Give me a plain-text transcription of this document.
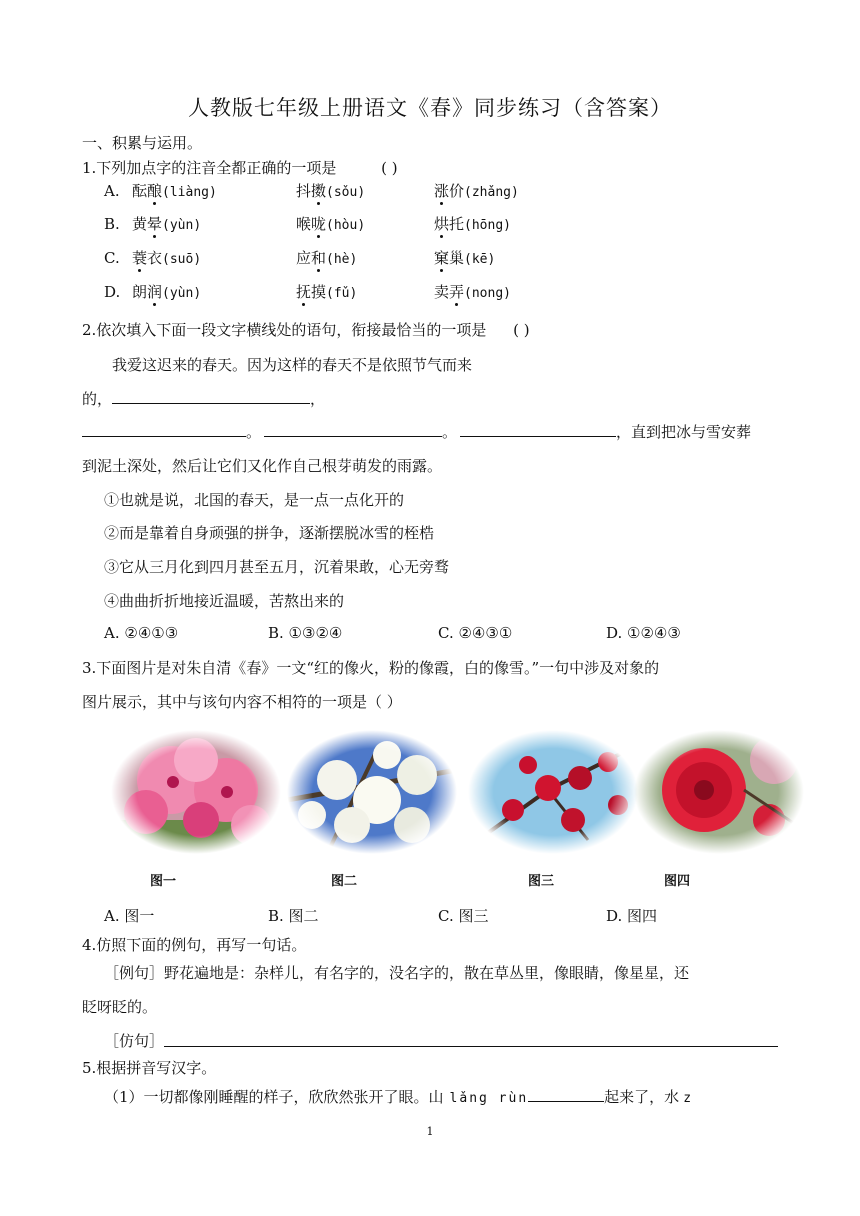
人教版七年级上册语文《春》同步练习（含答案）
一、积累与运用。
1.下列加点字的注音全都正确的一项是	( )
A. 酝酿(liàng)	抖擞(sǒu)	涨价(zhǎng)
B. 黄晕(yùn)	喉咙(hòu)	烘托(hōng)
C. 蓑衣(suō)	应和(hè)	窠巢(kē)
D. 朗润(yùn)	抚摸(fǔ)	卖弄(nong)
2.依次填入下面一段文字横线处的语句，衔接最恰当的一项是 ( )
我爱这迟来的春天。因为这样的春天不是依照节气而来
的，	，
。	。	，直到把冰与雪安葬
到泥土深处，然后让它们又化作自己根芽萌发的雨露。
①也就是说，北国的春天，是一点一点化开的
②而是靠着自身顽强的拼争，逐渐摆脱冰雪的桎梏
③它从三月化到四月甚至五月，沉着果敢，心无旁骛
④曲曲折折地接近温暖，苦熬出来的
A. ②④①③	B. ①③②④	C. ②④③①	D. ①②④③
3.下面图片是对朱自清《春》一文“红的像火，粉的像霞，白的像雪。”一句中涉及对象的
图片展示，其中与该句内容不相符的一项是（ ）
图一	图二	图三	图四
A. 图一	B. 图二	C. 图三	D. 图四
4.仿照下面的例句，再写一句话。
［例句］野花遍地是：杂样儿，有名字的，没名字的，散在草丛里，像眼睛，像星星，还
眨呀眨的。
［仿句］
5.根据拼音写汉字。
（1）一切都像刚睡醒的样子，欣欣然张开了眼。山 lǎng rùn	起来了，水 z
1
